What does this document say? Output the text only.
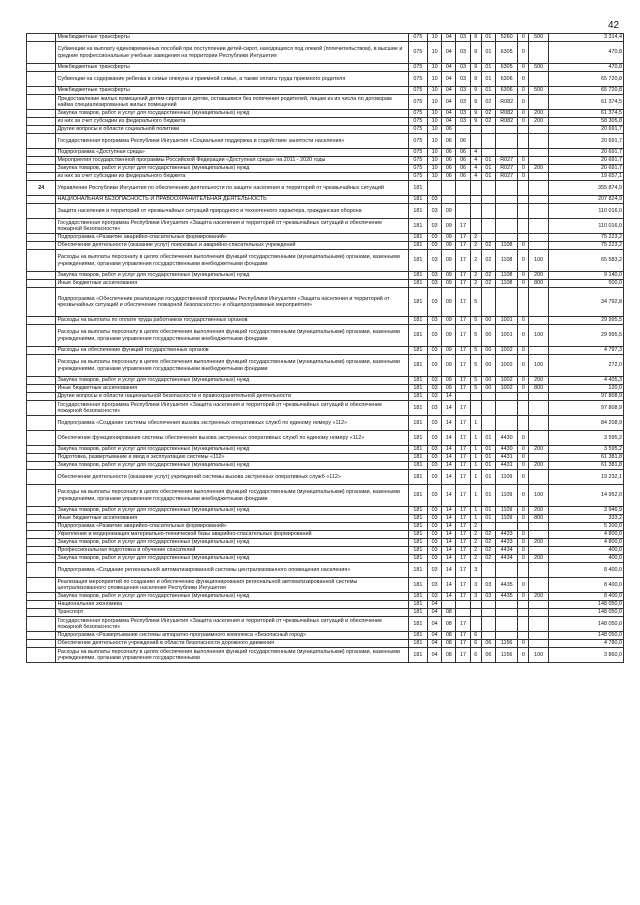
42
	Межбюджетные трансферты	075	10	04	03	9	01	5260	0	500	3 314,4
	Субвенции на выплату единовременных пособий при поступлении детей-сирот, находящихся под опекой (попечительством), в высшие и средние профессиональные учебные заведения на территории Республики Ингушетия	075	10	04	03	9	01	6305	0		470,8
	Межбюджетные трансферты	075	10	04	03	9	01	6305	0	500	470,8
	Субвенции на содержание ребенка в семье опекуна и приемной семье, а также оплата труда приемного родителя	075	10	04	03	9	01	6306	0		65 720,8
	Межбюджетные трансферты	075	10	04	03	9	01	6306	0	500	65 720,8
	Предоставление жилых помещений детям-сиротам и детям, оставшимся без попечения родителей, лицам из их числа по договорам найма специализированных жилых помещений	075	10	04	03	9	02	R082	0		61 374,5
	Закупка товаров, работ и услуг для государственных (муниципальных) нужд	075	10	04	03	9	02	R082	0	200	61 374,5
	из них за счет субсидии из федерального бюджета	075	10	04	03	9	02	R082	0	200	58 305,8
	Другие вопросы в области социальной политики	075	10	06							20 691,7
	Государственная программа Республики Ингушетия «Социальная поддержка и содействие занятости населения»	075	10	06	06						20 691,7
	Подпрограмма «Доступная среда»	075	10	06	06	4					20 691,7
	Мероприятия государственной программы Российской Федерации «Доступная среда» на 2011 - 2020 годы	075	10	06	06	4	01	R027	0		20 691,7
	Закупка товаров, работ и услуг для государственных (муниципальных) нужд	075	10	06	06	4	01	R027	0	200	20 691,7
	из них за счет субсидии из федерального бюджета	075	10	06	06	4	01	R027	0		19 657,1
24	Управление Республики Ингушетия по обеспечению деятельности по защите населения и территорий от чрезвычайных ситуаций	181									355 874,9
	НАЦИОНАЛЬНАЯ БЕЗОПАСНОСТЬ И ПРАВООХРАНИТЕЛЬНАЯ ДЕЯТЕЛЬНОСТЬ	181	03								207 824,9
	Защита населения и территорий от чрезвычайных ситуаций природного и техногенного характера, гражданская оборона	181	03	09							110 016,0
	Государственная программа Республики Ингушетия «Защита населения и территорий от чрезвычайных ситуаций и обеспечение пожарной безопасности»	181	03	09	17						110 016,0
	Подпрограмма «Развитие аварийно-спасательных формирований»	181	03	09	17	2					75 223,2
	Обеспечение деятельности (оказание услуг) поисковых и аварийно-спасательных учреждений	181	03	09	17	2	02	1108	0		75 223,2
	Расходы на выплаты персоналу в целях обеспечения выполнения функций государственными (муниципальными) органами, казенными учреждениями, органами управления государственными внебюджетными фондами	181	03	09	17	2	02	1108	0	100	65 583,2
	Закупка товаров, работ и услуг для государственных (муниципальных) нужд	181	03	09	17	2	02	1108	0	200	9 140,0
	Иные бюджетные ассигнования	181	03	09	17	2	02	1108	0	800	500,0
	Подпрограмма «Обеспечение реализации государственной программы Республики Ингушетия «Защита населения и территорий от чрезвычайных ситуаций и обеспечение пожарной безопасности» и общепрограммные мероприятия»	181	03	09	17	5					34 792,8
	Расходы на выплаты по оплате труда работников государственных органов	181	03	09	17	5	00	1001	0		29 995,5
	Расходы на выплаты персоналу в целях обеспечения выполнения функций государственными (муниципальными) органами, казенными учреждениями, органами управления государственными внебюджетными фондами	181	03	09	17	5	00	1001	0	100	29 995,5
	Расходы на обеспечение функций государственных органов	181	03	09	17	5	00	1002	0		4 797,3
	Расходы на выплаты персоналу в целях обеспечения выполнения функций государственными (муниципальными) органами, казенными учреждениями, органами управления государственными внебюджетными фондами	181	03	09	17	5	00	1002	0	100	272,0
	Закупка товаров, работ и услуг для государственных (муниципальных) нужд	181	03	09	17	5	00	1002	0	200	4 405,3
	Иные бюджетные ассигнования	181	03	09	17	5	00	1002	0	800	120,0
	Другие вопросы в области национальной безопасности и правоохранительной деятельности	181	03	14							97 808,9
	Государственная программа Республики Ингушетия «Защита населения и территорий от чрезвычайных ситуаций и обеспечение пожарной безопасности»	181	03	14	17						97 808,9
	Подпрограмма «Создание системы обеспечения вызова экстренных оперативных служб по единому номеру «112»	181	03	14	17	1					84 208,9
	Обеспечение функционирования системы обеспечения вызова экстренных оперативных служб по единому номеру «112»	181	03	14	17	1	01	4430	0		3 595,2
	Закупка товаров, работ и услуг для государственных (муниципальных) нужд	181	03	14	17	1	01	4430	0	200	3 595,2
	Подготовка, развертывание и ввод в эксплуатацию системы «112»	181	03	14	17	1	01	4431	0		61 381,8
	Закупка товаров, работ и услуг для государственных (муниципальных) нужд	181	03	14	17	1	01	4431	0	200	61 381,8
	Обеспечение деятельности (оказание услуг) учреждений системы вызова экстренных оперативных служб «112»	181	03	14	17	1	01	1109	0		19 232,1
	Расходы на выплаты персоналу в целях обеспечения выполнения функций государственными (муниципальными) органами, казенными учреждениями, органами управления государственными внебюджетными фондами	181	03	14	17	1	01	1109	0	100	14 952,0
	Закупка товаров, работ и услуг для государственных (муниципальных) нужд	181	03	14	17	1	01	1109	0	200	3 946,9
	Иные бюджетные ассигнования	181	03	14	17	1	01	1109	0	800	333,2
	Подпрограмма «Развитие аварийно-спасательных формирований»	181	03	14	17	2					5 200,0
	Укрепление и модернизация материально-технической базы аварийно-спасательных формирований	181	03	14	17	2	02	4433	0		4 800,0
	Закупка товаров, работ и услуг для государственных (муниципальных) нужд	181	03	14	17	2	02	4433	0	200	4 800,0
	Профессиональная подготовка и обучение спасателей	181	03	14	17	2	02	4434	0		400,0
	Закупка товаров, работ и услуг для государственных (муниципальных) нужд	181	03	14	17	2	02	4434	0	200	400,0
	Подпрограмма «Создание региональной автоматизированной системы централизованного оповещения населения»	181	03	14	17	3					8 400,0
	Реализация мероприятий по созданию и обеспечению функционирования региональной автоматизированной системы централизованного оповещения населения Республики Ингушетия	181	03	14	17	3	03	4435	0		8 400,0
	Закупка товаров, работ и услуг для государственных (муниципальных) нужд	181	03	14	17	3	03	4435	0	200	8 400,0
	Национальная экономика	181	04								148 050,0
	Транспорт	181	04	08							148 050,0
	Государственная программа Республики Ингушетия «Защита населения и территорий от чрезвычайных ситуаций и обеспечение пожарной безопасности»	181	04	08	17						148 050,0
	Подпрограмма «Развертывание системы аппаратно-программного комплекса «Безопасный город»	181	04	08	17	6					148 050,0
	Обеспечение деятельности учреждений в области безопасности дорожного движения	181	04	08	17	6	06	1156	0		4 780,0
	Расходы на выплаты персоналу в целях обеспечения выполнения функций государственными (муниципальными) органами, казенными учреждениями, органами управления государственными	181	04	08	17	6	06	1156	0	100	3 860,0
